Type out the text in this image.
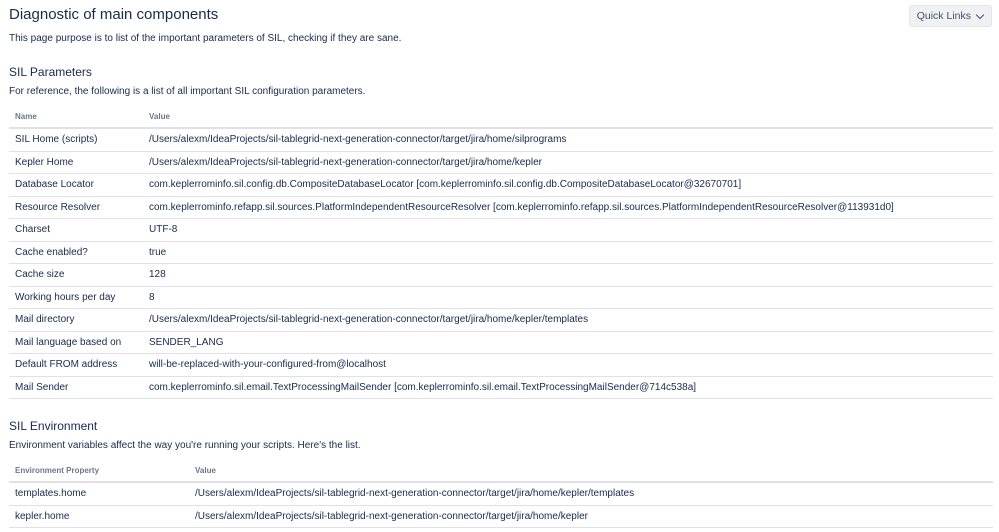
Diagnostic of main components	Quick Links

This page purpose is to list of the important parameters of SIL, checking if they are sane.

SIL Parameters

For reference, the following is a list of all important SIL configuration parameters.

Name	Value
SIL Home (scripts)	/Users/alexm/IdeaProjects/sil-tablegrid-next-generation-connector/target/jira/home/silprograms
Kepler Home	/Users/alexm/IdeaProjects/sil-tablegrid-next-generation-connector/target/jira/home/kepler
Database Locator	com.keplerrominfo.sil.config.db.CompositeDatabaseLocator [com.keplerrominfo.sil.config.db.CompositeDatabaseLocator@32670701]
Resource Resolver	com.keplerrominfo.refapp.sil.sources.PlatformIndependentResourceResolver [com.keplerrominfo.refapp.sil.sources.PlatformIndependentResourceResolver@113931d0]
Charset	UTF-8
Cache enabled?	true
Cache size	128
Working hours per day	8
Mail directory	/Users/alexm/IdeaProjects/sil-tablegrid-next-generation-connector/target/jira/home/kepler/templates
Mail language based on	SENDER_LANG
Default FROM address	will-be-replaced-with-your-configured-from@localhost
Mail Sender	com.keplerrominfo.sil.email.TextProcessingMailSender [com.keplerrominfo.sil.email.TextProcessingMailSender@714c538a]
SIL Environment

Environment variables affect the way you're running your scripts. Here's the list.

Environment Property	Value
templates.home	/Users/alexm/IdeaProjects/sil-tablegrid-next-generation-connector/target/jira/home/kepler/templates
kepler.home	/Users/alexm/IdeaProjects/sil-tablegrid-next-generation-connector/target/jira/home/kepler
